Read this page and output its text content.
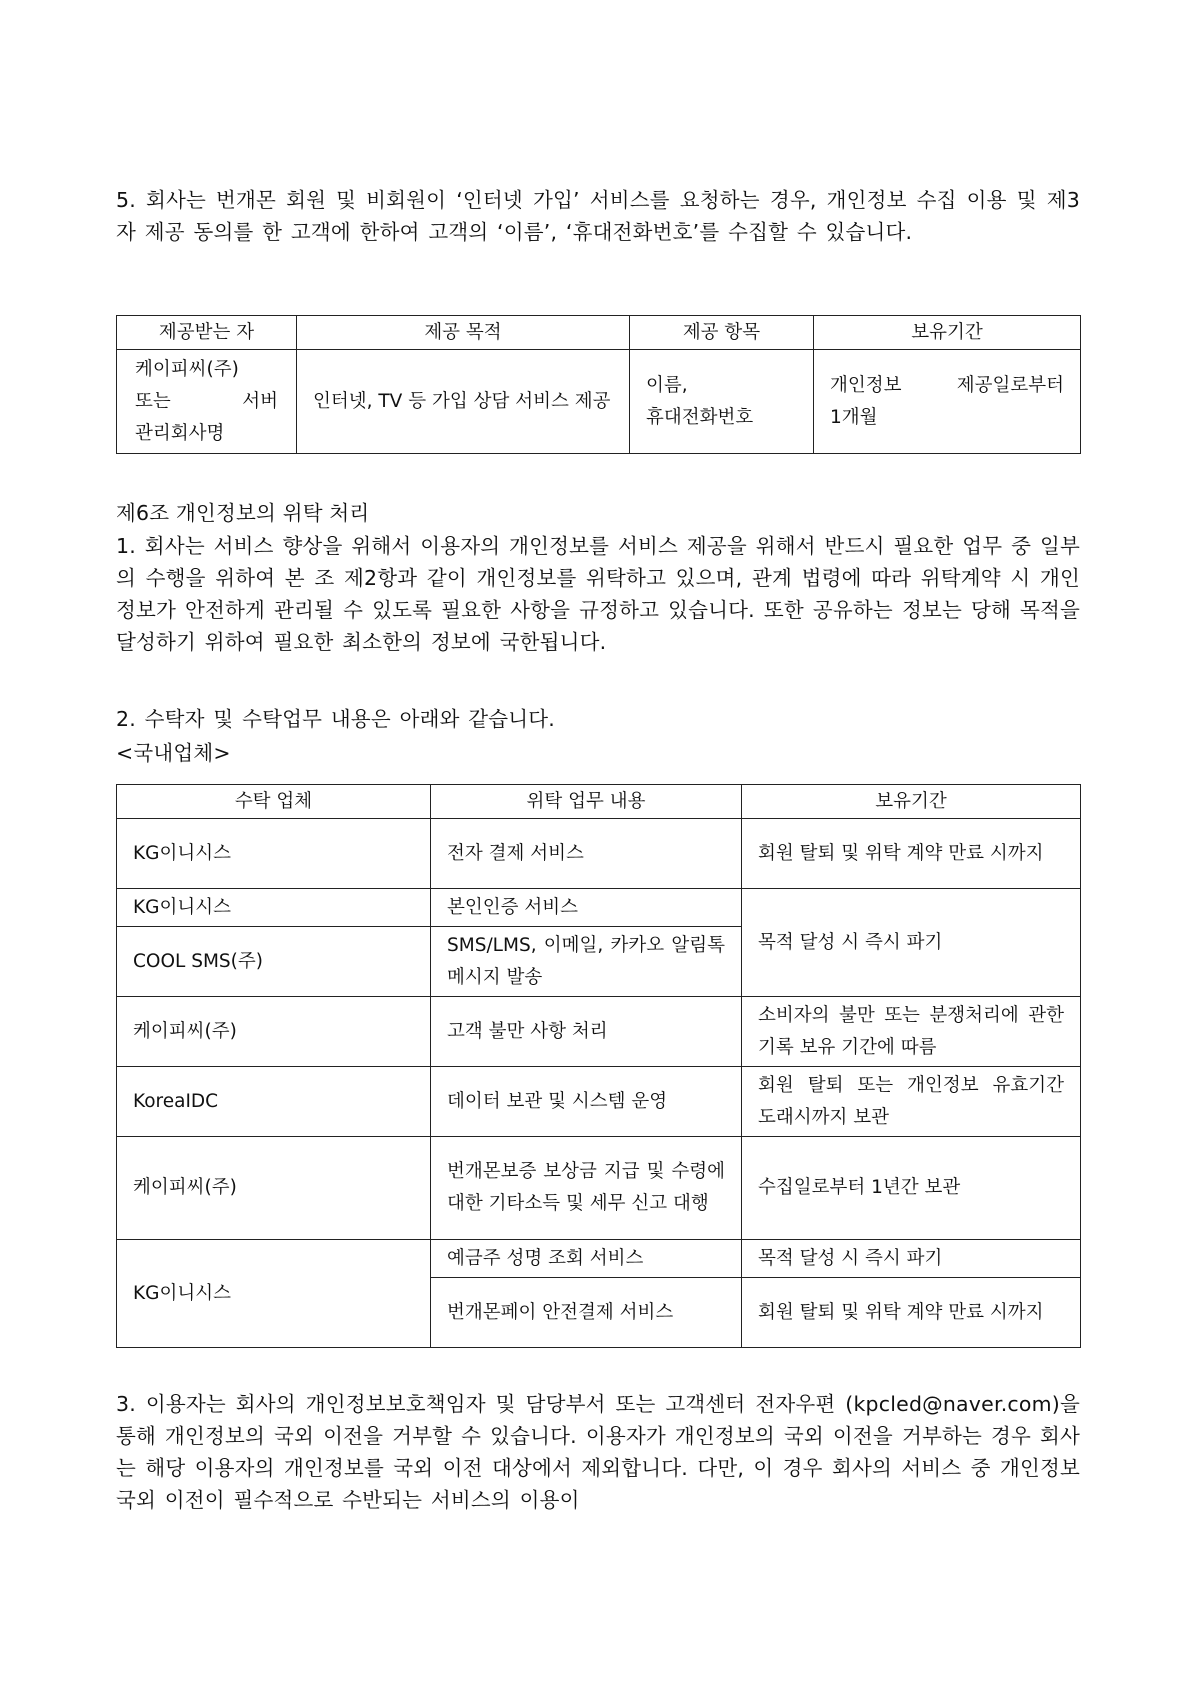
5. 회사는 번개몬 회원 및 비회원이 ‘인터넷 가입’ 서비스를 요청하는 경우, 개인정보 수집 이용 및 제3자 제공 동의를 한 고객에 한하여 고객의 ‘이름’, ‘휴대전화번호’를 수집할 수 있습니다.

제공받는 자	제공 목적	제공 항목	보유기간
케이피씨(주) 또는 서버 관리회사명	인터넷, TV 등 가입 상담 서비스 제공	이름, 휴대전화번호	개인정보 제공일로부터 1개월

제6조 개인정보의 위탁 처리

1. 회사는 서비스 향상을 위해서 이용자의 개인정보를 서비스 제공을 위해서 반드시 필요한 업무 중 일부의 수행을 위하여 본 조 제2항과 같이 개인정보를 위탁하고 있으며, 관계 법령에 따라 위탁계약 시 개인정보가 안전하게 관리될 수 있도록 필요한 사항을 규정하고 있습니다. 또한 공유하는 정보는 당해 목적을 달성하기 위하여 필요한 최소한의 정보에 국한됩니다.

2. 수탁자 및 수탁업무 내용은 아래와 같습니다.

<국내업체>

수탁 업체	위탁 업무 내용	보유기간
KG이니시스	전자 결제 서비스	회원 탈퇴 및 위탁 계약 만료 시까지
KG이니시스	본인인증 서비스	목적 달성 시 즉시 파기
COOL SMS(주)	SMS/LMS, 이메일, 카카오 알림톡 메시지 발송	
케이피씨(주)	고객 불만 사항 처리	소비자의 불만 또는 분쟁처리에 관한 기록 보유 기간에 따름
KoreaIDC	데이터 보관 및 시스템 운영	회원 탈퇴 또는 개인정보 유효기간 도래시까지 보관
케이피씨(주)	번개몬보증 보상금 지급 및 수령에 대한 기타소득 및 세무 신고 대행	수집일로부터 1년간 보관
KG이니시스	예금주 성명 조회 서비스	목적 달성 시 즉시 파기
	번개몬페이 안전결제 서비스	회원 탈퇴 및 위탁 계약 만료 시까지

3. 이용자는 회사의 개인정보보호책임자 및 담당부서 또는 고객센터 전자우편 (kpcled@naver.com)을 통해 개인정보의 국외 이전을 거부할 수 있습니다. 이용자가 개인정보의 국외 이전을 거부하는 경우 회사는 해당 이용자의 개인정보를 국외 이전 대상에서 제외합니다. 다만, 이 경우 회사의 서비스 중 개인정보 국외 이전이 필수적으로 수반되는 서비스의 이용이
